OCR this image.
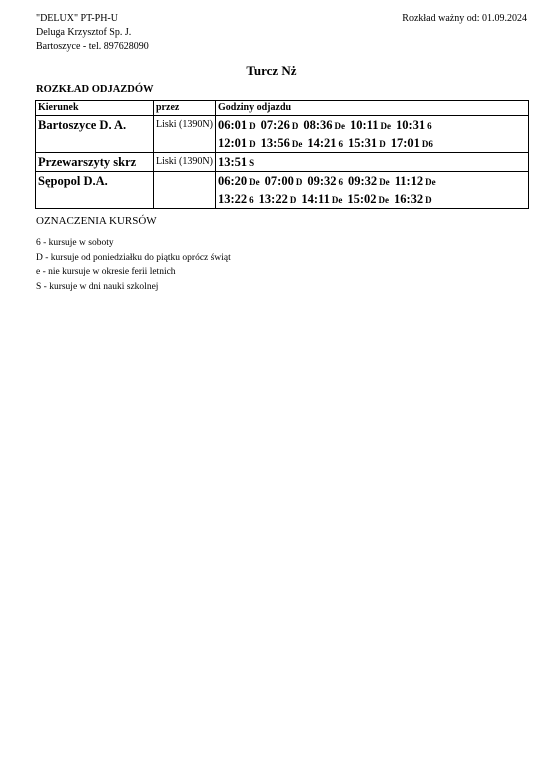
"DELUX" PT-PH-U
Deluga Krzysztof Sp. J.
Bartoszyce - tel. 897628090
Rozkład ważny od: 01.09.2024
Turcz Nż
ROZKŁAD ODJAZDÓW
Kierunek	przez	Godziny odjazdu
Bartoszyce D. A.	Liski (1390N)	06:01 D 07:26 D 08:36 De 10:11 De 10:31 6
12:01 D 13:56 De 14:21 6 15:31 D 17:01 D6

Przewarszyty skrz	Liski (1390N)	13:51 S

Sępopol D.A.		06:20 De 07:00 D 09:32 6 09:32 De 11:12 De
13:22 6 13:22 D 14:11 De 15:02 De 16:32 D
OZNACZENIA KURSÓW
6 - kursuje w soboty
D - kursuje od poniedziałku do piątku oprócz świąt
e - nie kursuje w okresie ferii letnich
S - kursuje w dni nauki szkolnej
